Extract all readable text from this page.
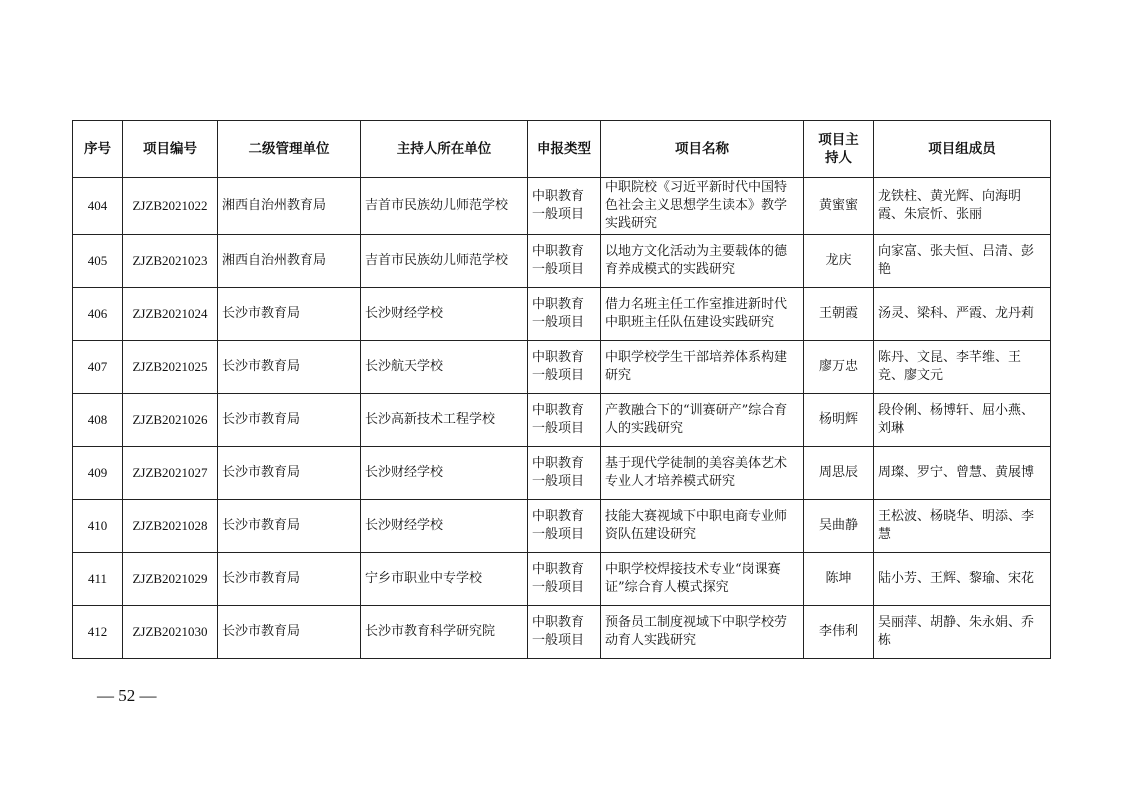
序号	项目编号	二级管理单位	主持人所在单位	申报类型	项目名称	项目主持人	项目组成员
404	ZJZB2021022	湘西自治州教育局	吉首市民族幼儿师范学校	中职教育一般项目	中职院校《习近平新时代中国特色社会主义思想学生读本》教学实践研究	黄蜜蜜	龙铁柱、黄光辉、向海明霞、朱宸忻、张丽
405	ZJZB2021023	湘西自治州教育局	吉首市民族幼儿师范学校	中职教育一般项目	以地方文化活动为主要载体的德育养成模式的实践研究	龙庆	向家富、张夫恒、吕清、彭艳
406	ZJZB2021024	长沙市教育局	长沙财经学校	中职教育一般项目	借力名班主任工作室推进新时代中职班主任队伍建设实践研究	王朝霞	汤灵、梁科、严霞、龙丹莉
407	ZJZB2021025	长沙市教育局	长沙航天学校	中职教育一般项目	中职学校学生干部培养体系构建研究	廖万忠	陈丹、文昆、李芊维、王竞、廖文元
408	ZJZB2021026	长沙市教育局	长沙高新技术工程学校	中职教育一般项目	产教融合下的“训赛研产”综合育人的实践研究	杨明辉	段伶俐、杨博轩、屈小燕、刘琳
409	ZJZB2021027	长沙市教育局	长沙财经学校	中职教育一般项目	基于现代学徒制的美容美体艺术专业人才培养模式研究	周思辰	周璨、罗宁、曾慧、黄展博
410	ZJZB2021028	长沙市教育局	长沙财经学校	中职教育一般项目	技能大赛视域下中职电商专业师资队伍建设研究	吴曲静	王松波、杨晓华、明添、李慧
411	ZJZB2021029	长沙市教育局	宁乡市职业中专学校	中职教育一般项目	中职学校焊接技术专业“岗课赛证”综合育人模式探究	陈坤	陆小芳、王辉、黎瑜、宋花
412	ZJZB2021030	长沙市教育局	长沙市教育科学研究院	中职教育一般项目	预备员工制度视域下中职学校劳动育人实践研究	李伟利	吴丽萍、胡静、朱永娟、乔栋
— 52 —
